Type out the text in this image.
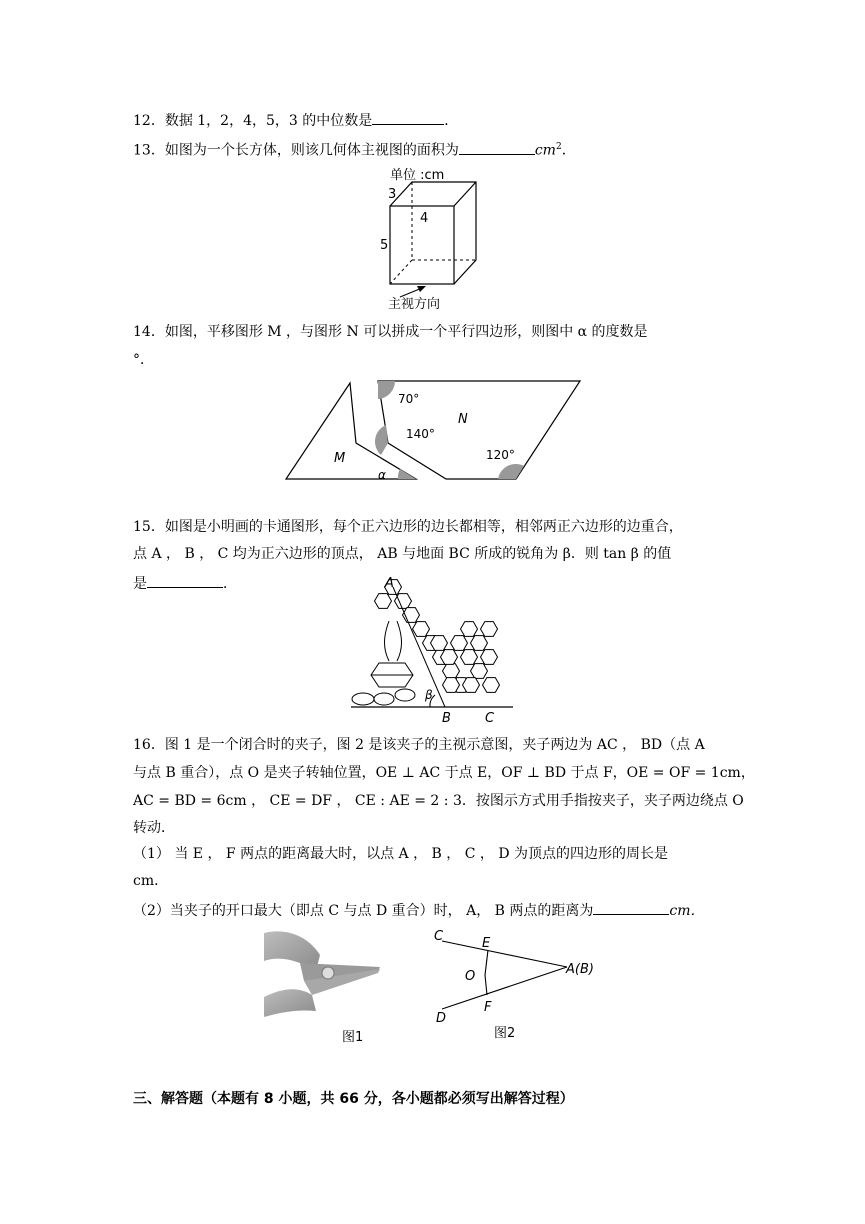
12．数据 1，2，4，5，3 的中位数是	．
13．如图为一个长方体，则该几何体主视图的面积为	$cm^2$．
单位 :cm
3
4
5
主视方向
14．如图，平移图形 M ，与图形 N 可以拼成一个平行四边形，则图中 α 的度数是
°．
M
N
α
70°
140°
120°
15．如图是小明画的卡通图形，每个正六边形的边长都相等，相邻两正六边形的边重合，
点 A ， B ， C 均为正六边形的顶点， AB 与地面 BC 所成的锐角为 β．则 tan β 的值
是	．	A
B	C
β
16．图 1 是一个闭合时的夹子，图 2 是该夹子的主视示意图，夹子两边为 AC ， BD（点 A
与点 B 重合），点 O 是夹子转轴位置，OE ⊥ AC 于点 E，OF ⊥ BD 于点 F，OE = OF = 1cm，
AC = BD = 6cm ， CE = DF ， CE : AE = 2 : 3．按图示方式用手指按夹子，夹子两边绕点 O
转动．
（1） 当 E ， F 两点的距离最大时，以点 A ， B ， C ， D 为顶点的四边形的周长是
cm．
（2）当夹子的开口最大（即点 C 与点 D 重合）时， A， B 两点的距离为	cm．
图1
C	E
O	A(B)
F
D
图2
三、解答题（本题有 8 小题，共 66 分，各小题都必须写出解答过程）
